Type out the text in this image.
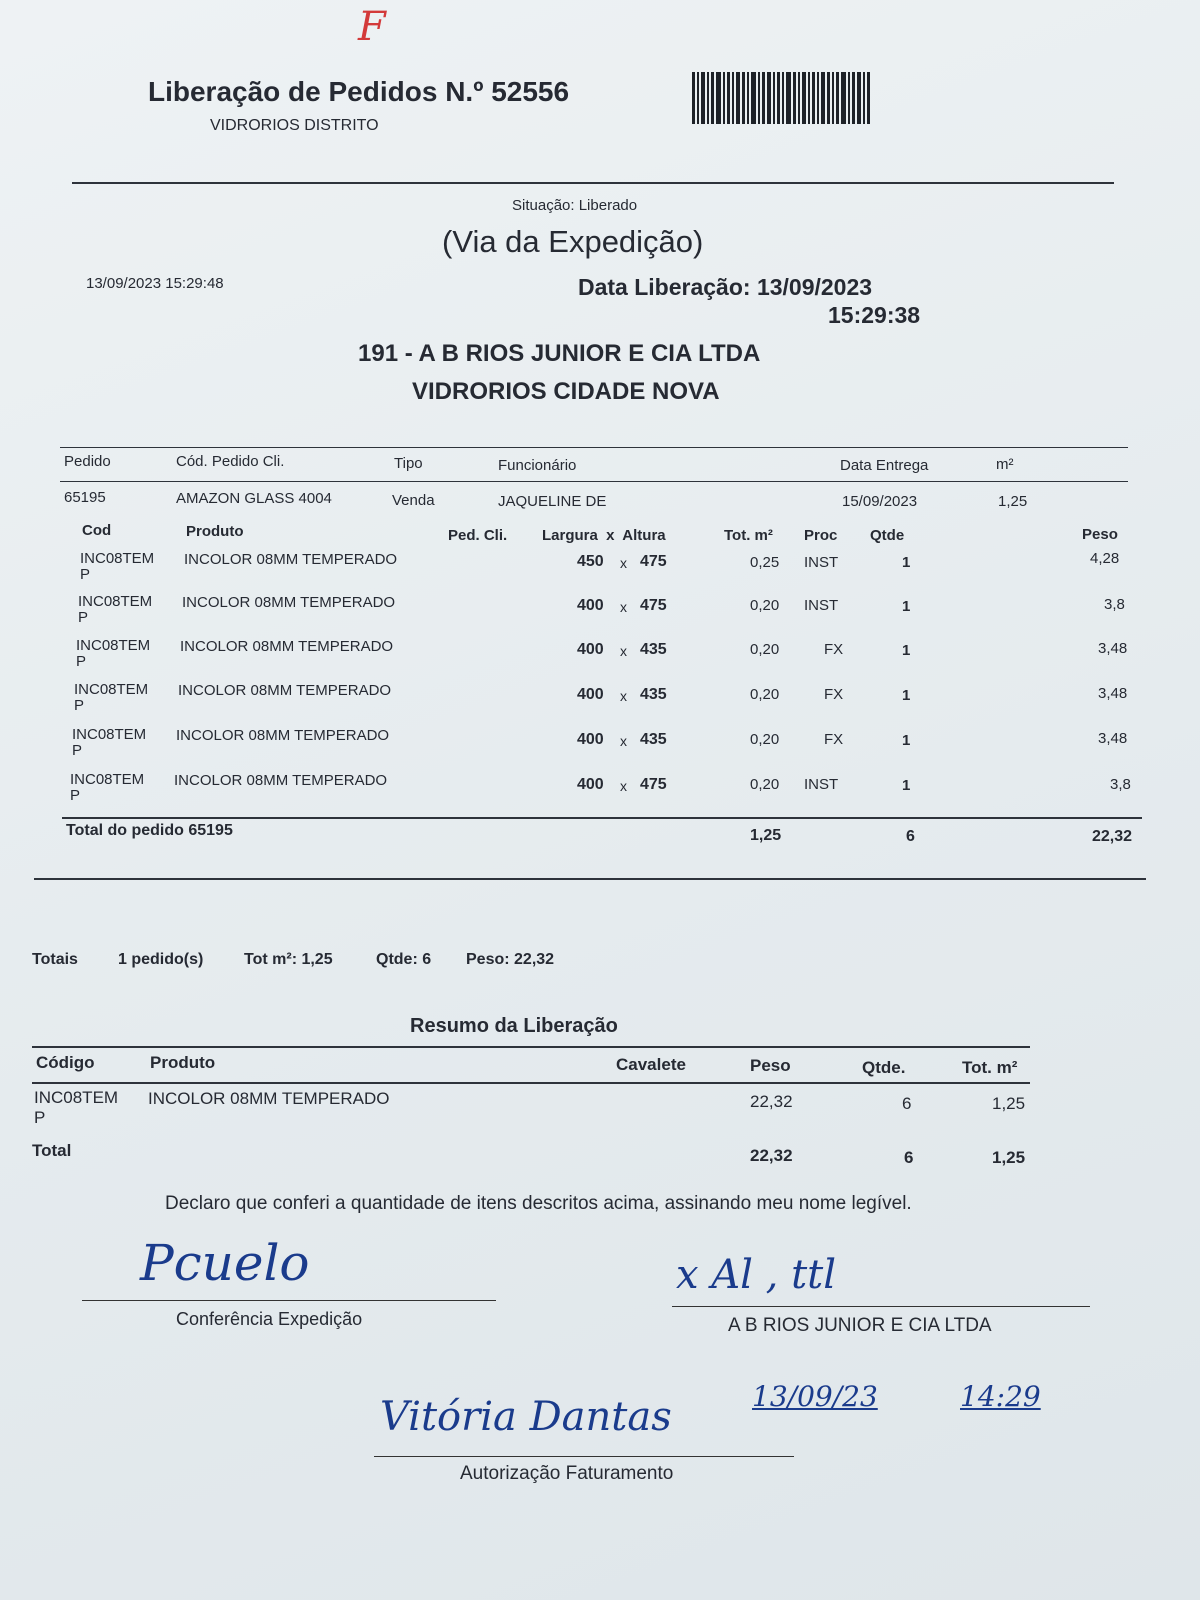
F
Liberação de Pedidos N.º 52556
VIDRORIOS DISTRITO
Situação: Liberado
(Via da Expedição)
13/09/2023 15:29:48	Data Liberação: 13/09/2023
15:29:38
191 - A B RIOS JUNIOR E CIA LTDA
VIDRORIOS CIDADE NOVA
Pedido	Cód. Pedido Cli.	Tipo	Funcionário	Data Entrega	m²
65195	AMAZON GLASS 4004	Venda	JAQUELINE DE	15/09/2023	1,25
Cod	Produto	Ped. Cli. Largura  x  Altura	Tot. m² Proc Qtde	Peso
INC08TEM
P
INCOLOR 08MM TEMPERADO	450 x 475	0,25 INST	1	4,28
INC08TEM
P
INCOLOR 08MM TEMPERADO	400 x 475	0,20 INST	1	3,8
INC08TEM
P
INCOLOR 08MM TEMPERADO	400 x 435	0,20	FX	1	3,48
INC08TEM
P
INCOLOR 08MM TEMPERADO	400 x 435	0,20	FX	1	3,48
INC08TEM
P
INCOLOR 08MM TEMPERADO	400 x 435	0,20	FX	1	3,48
INC08TEM
P
INCOLOR 08MM TEMPERADO	400 x 475	0,20 INST	1	3,8
Total do pedido 65195	1,25	6	22,32
Totais	1 pedido(s)	Tot m²: 1,25	Qtde: 6 Peso: 22,32
Resumo da Liberação
Código	Produto	Cavalete	Peso	Qtde.	Tot. m²
INC08TEM
P
INCOLOR 08MM TEMPERADO	22,32	6	1,25
Total	22,32	6	1,25
Declaro que conferi a quantidade de itens descritos acima, assinando meu nome legível.
Pcuelo
Conferência Expedição
x Al , ttl
A B RIOS JUNIOR E CIA LTDA
13/09/23	14:29
Vitória Dantas
Autorização Faturamento
